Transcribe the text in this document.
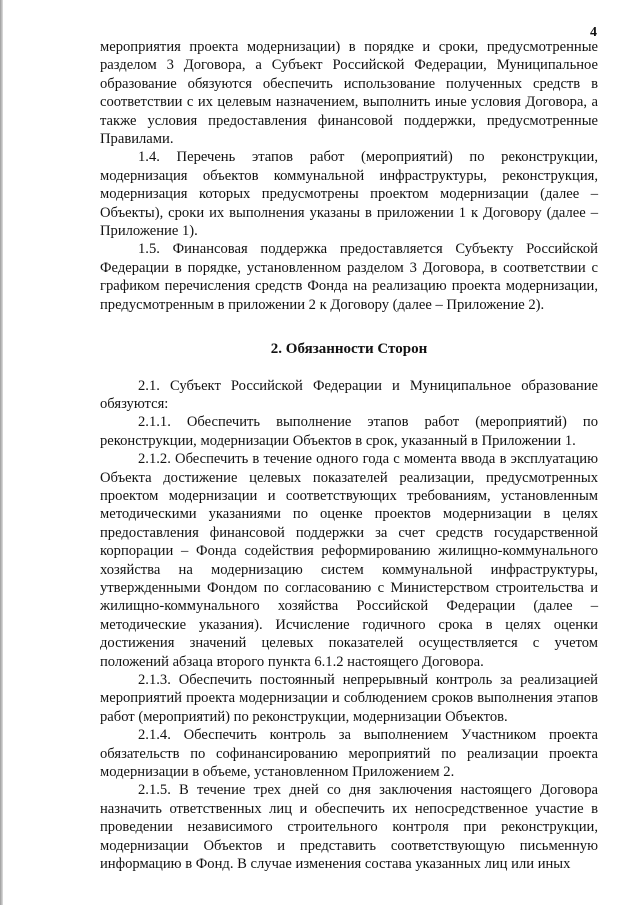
4

мероприятия проекта модернизации) в порядке и сроки, предусмотренные разделом 3 Договора, а Субъект Российской Федерации, Муниципальное образование обязуются обеспечить использование полученных средств в соответствии с их целевым назначением, выполнить иные условия Договора, а также условия предоставления финансовой поддержки, предусмотренные Правилами.

1.4. Перечень этапов работ (мероприятий) по реконструкции, модернизация объектов коммунальной инфраструктуры, реконструкция, модернизация которых предусмотрены проектом модернизации (далее – Объекты), сроки их выполнения указаны в приложении 1 к Договору (далее – Приложение 1).

1.5. Финансовая поддержка предоставляется Субъекту Российской Федерации в порядке, установленном разделом 3 Договора, в соответствии с графиком перечисления средств Фонда на реализацию проекта модернизации, предусмотренным в приложении 2 к Договору (далее – Приложение 2).

2. Обязанности Сторон

2.1. Субъект Российской Федерации и Муниципальное образование обязуются:

2.1.1. Обеспечить выполнение этапов работ (мероприятий) по реконструкции, модернизации Объектов в срок, указанный в Приложении 1.

2.1.2. Обеспечить в течение одного года с момента ввода в эксплуатацию Объекта достижение целевых показателей реализации, предусмотренных проектом модернизации и соответствующих требованиям, установленным методическими указаниями по оценке проектов модернизации в целях предоставления финансовой поддержки за счет средств государственной корпорации – Фонда содействия реформированию жилищно-коммунального хозяйства на модернизацию систем коммунальной инфраструктуры, утвержденными Фондом по согласованию с Министерством строительства и жилищно-коммунального хозяйства Российской Федерации (далее – методические указания). Исчисление годичного срока в целях оценки достижения значений целевых показателей осуществляется с учетом положений абзаца второго пункта 6.1.2 настоящего Договора.

2.1.3. Обеспечить постоянный непрерывный контроль за реализацией мероприятий проекта модернизации и соблюдением сроков выполнения этапов работ (мероприятий) по реконструкции, модернизации Объектов.

2.1.4. Обеспечить контроль за выполнением Участником проекта обязательств по софинансированию мероприятий по реализации проекта модернизации в объеме, установленном Приложением 2.

2.1.5. В течение трех дней со дня заключения настоящего Договора назначить ответственных лиц и обеспечить их непосредственное участие в проведении независимого строительного контроля при реконструкции, модернизации Объектов и представить соответствующую письменную информацию в Фонд. В случае изменения состава указанных лиц или иных
